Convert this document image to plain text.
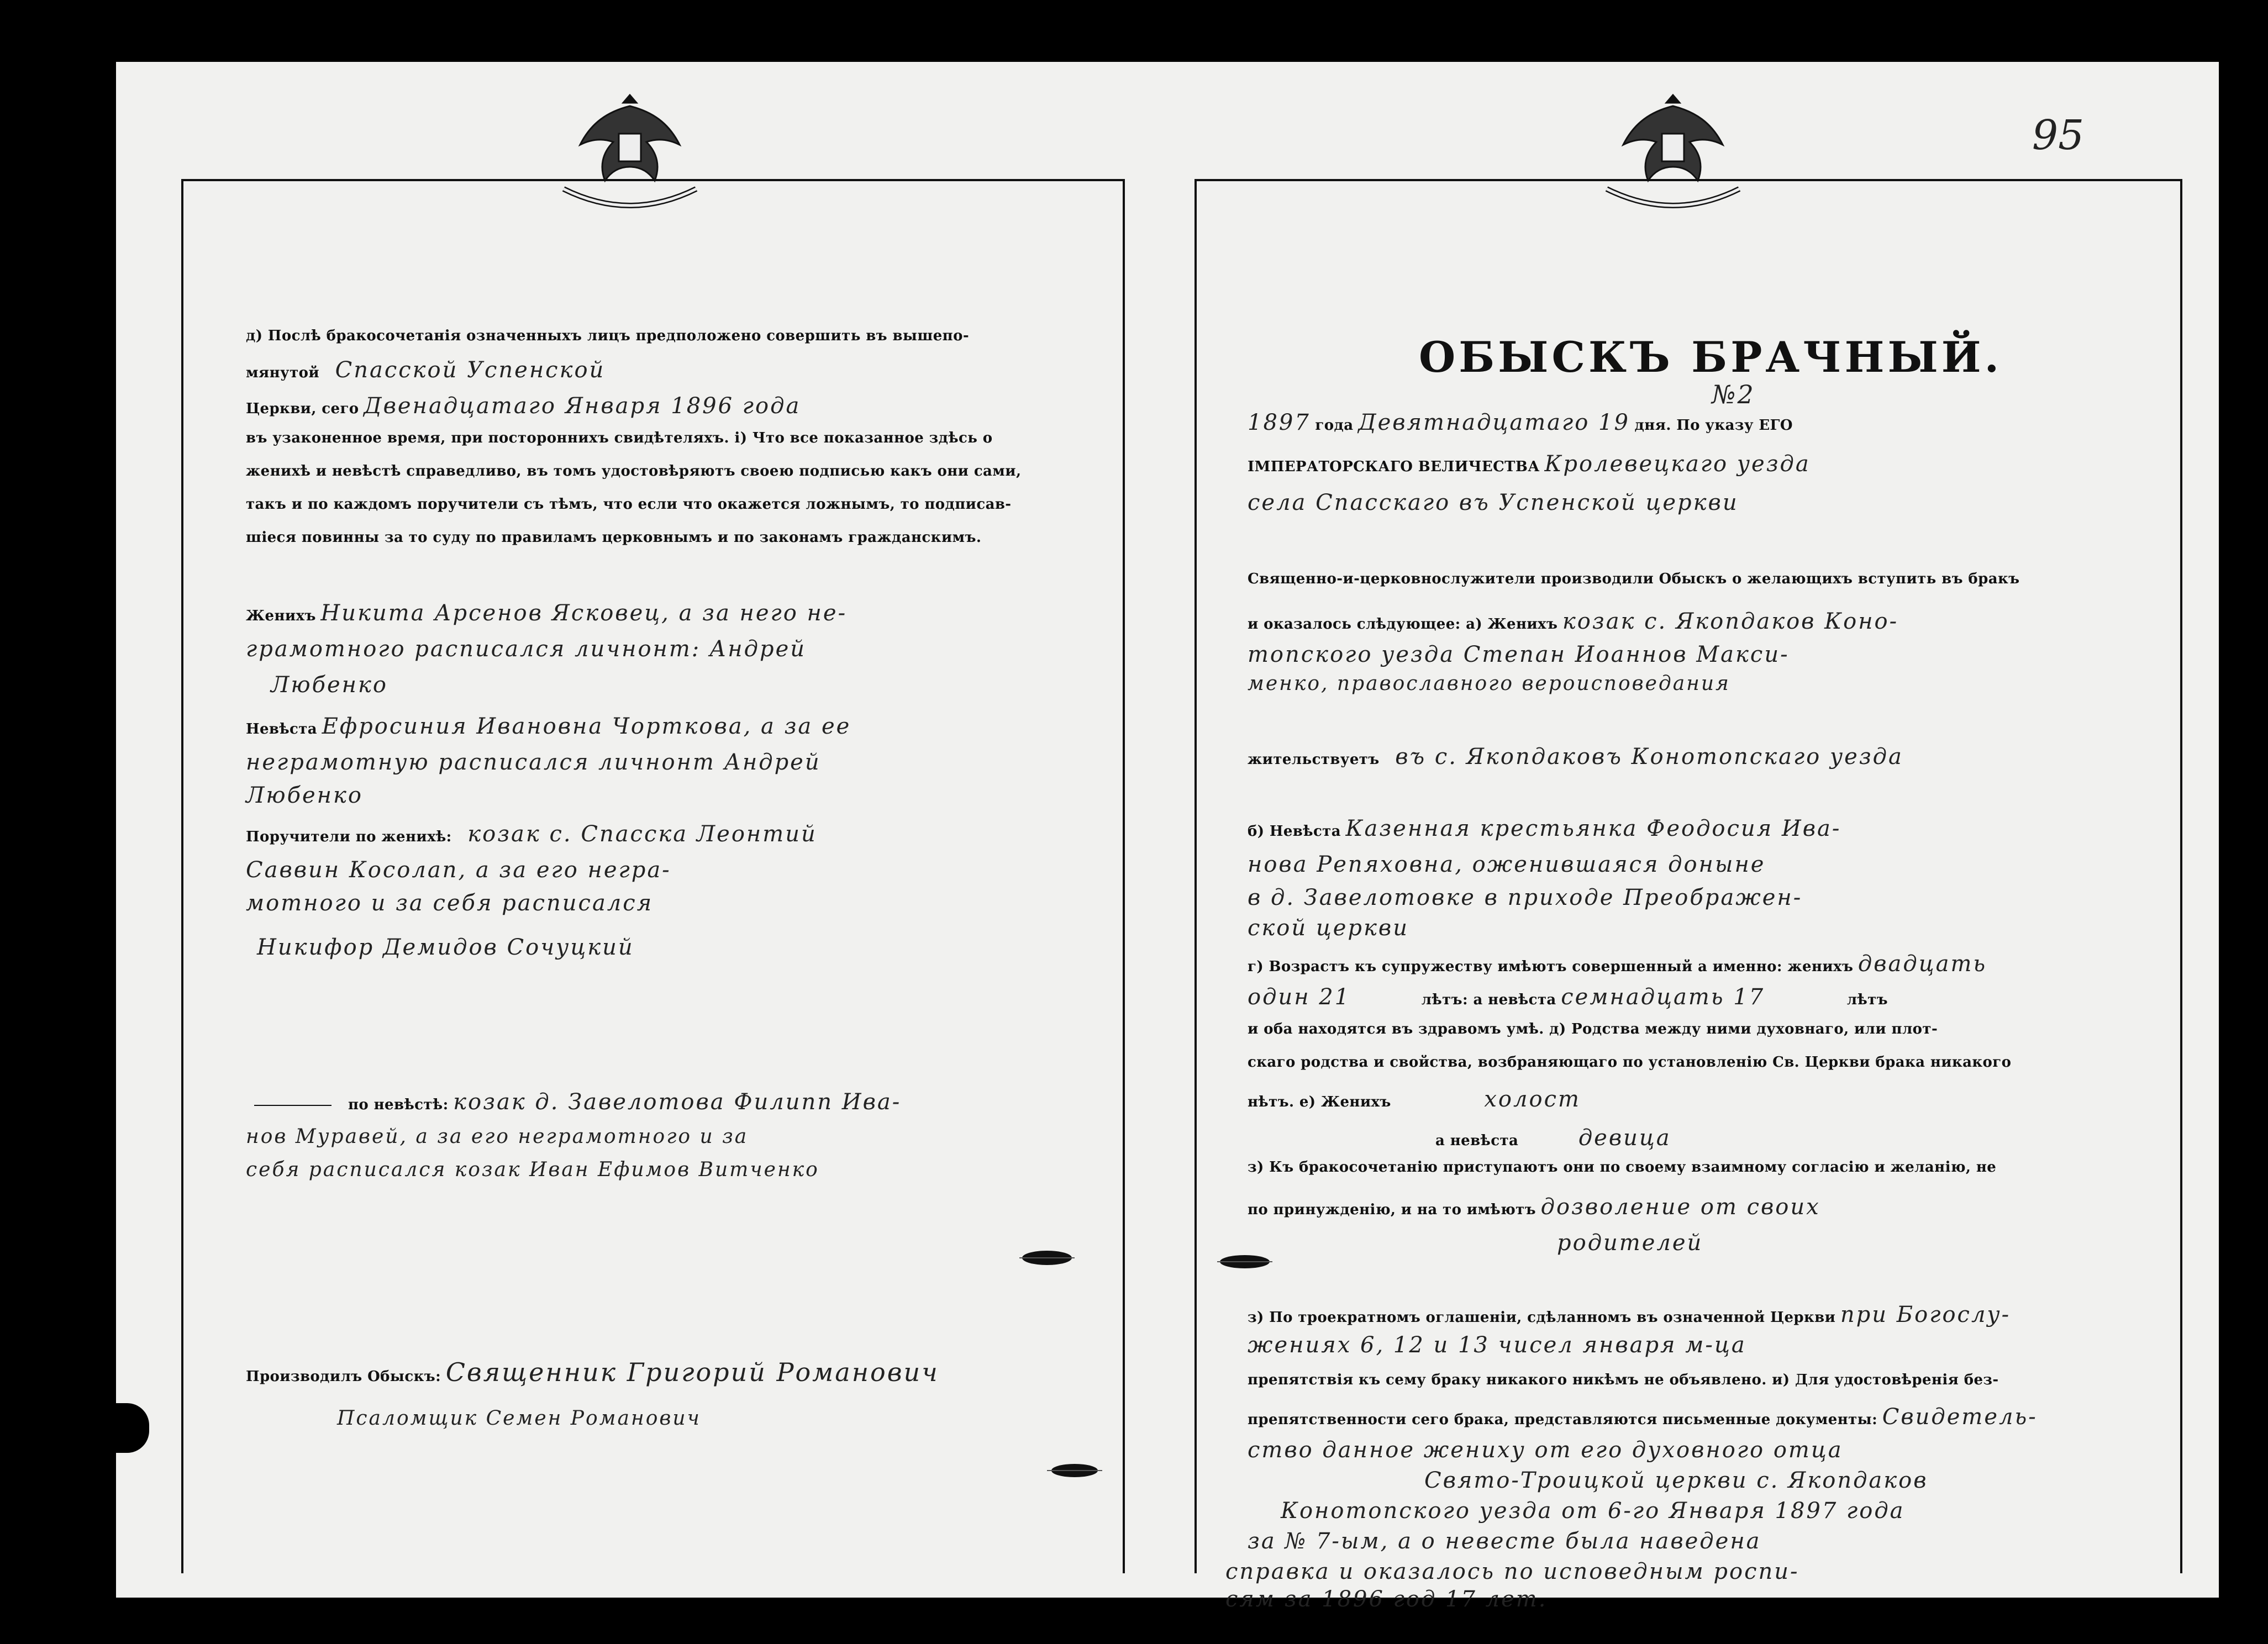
д) Послѣ бракосочетанія означенныхъ лицъ предположено совершить въ вышепо-
мянутой Спасской Успенской
Церкви, сего Двенадцатаго Января 1896 года
въ узаконенное время, при постороннихъ свидѣтеляхъ. і) Что все показанное здѣсь о
женихѣ и невѣстѣ справедливо, въ томъ удостовѣряютъ своею подписью какъ они сами,
такъ и по каждомъ поручители съ тѣмъ, что если что окажется ложнымъ, то подписав-
шіеся повинны за то суду по правиламъ церковнымъ и по законамъ гражданскимъ.
Женихъ Никита Арсенов Ясковец, а за него не-
грамотного расписался личнонт: Андрей
Любенко
Невѣста Ефросиния Ивановна Чорткова, а за ее
неграмотную расписался личнонт Андрей
Любенко
Поручители по женихѣ: козак с. Спасска Леонтий
Саввин Косолап, а за его негра-
мотного и за себя расписался
Никифор Демидов Сочуцкий
по невѣстѣ: козак д. Завелотова Филипп Ива-
нов Муравей, а за его неграмотного и за
себя расписался козак Иван Ефимов Витченко
Производилъ Обыскъ: Священник Григорий Романович
Псаломщик Семен Романович
95
ОБЫСКЪ БРАЧНЫЙ.
№2
1897 года Девятнадцатаго 19 дня. По указу ЕГО
ІМПЕРАТОРСКАГО ВЕЛИЧЕСТВА Кролевецкаго уезда
села Спасскаго въ Успенской церкви
Священно-и-церковнослужители производили Обыскъ о желающихъ вступить въ бракъ
и оказалось слѣдующее: а) Женихъ козак с. Якопдаков Коно-
топского уезда Степан Иоаннов Макси-
менко, православного вероисповедания
жительствуетъ въ с. Якопдаковъ Конотопскаго уезда
б) Невѣста Казенная крестьянка Феодосия Ива-
нова Репяховна, оженившаяся доныне
в д. Завелотовке в приходе Преображен-
ской церкви
г) Возрастъ къ супружеству имѣютъ совершенный а именно: женихъ двадцать
один 21	лѣтъ: а невѣста семнадцать 17	лѣтъ
и оба находятся въ здравомъ умѣ. д) Родства между ними духовнаго, или плот-
скаго родства и свойства, возбраняющаго по установленію Св. Церкви брака никакого
нѣтъ. е) Женихъ	холост
а невѣста	девица
з) Къ бракосочетанію приступаютъ они по своему взаимному согласію и желанію, не
по принужденію, и на то имѣютъ дозволение от своих
родителей
з) По троекратномъ оглашеніи, сдѣланномъ въ означенной Церкви при Богослу-
жениях 6, 12 и 13 чисел января м-ца
препятствія къ сему браку никакого никѣмъ не объявлено. и) Для удостовѣренія без-
препятственности сего брака, представляются письменные документы: Свидетель-
ство данное жениху от его духовного отца
Свято-Троицкой церкви с. Якопдаков
Конотопского уезда от 6-го Января 1897 года
за № 7-ым, а о невесте была наведена
справка и оказалось по исповедным роспи-
сям за 1896 год 17 лет.
